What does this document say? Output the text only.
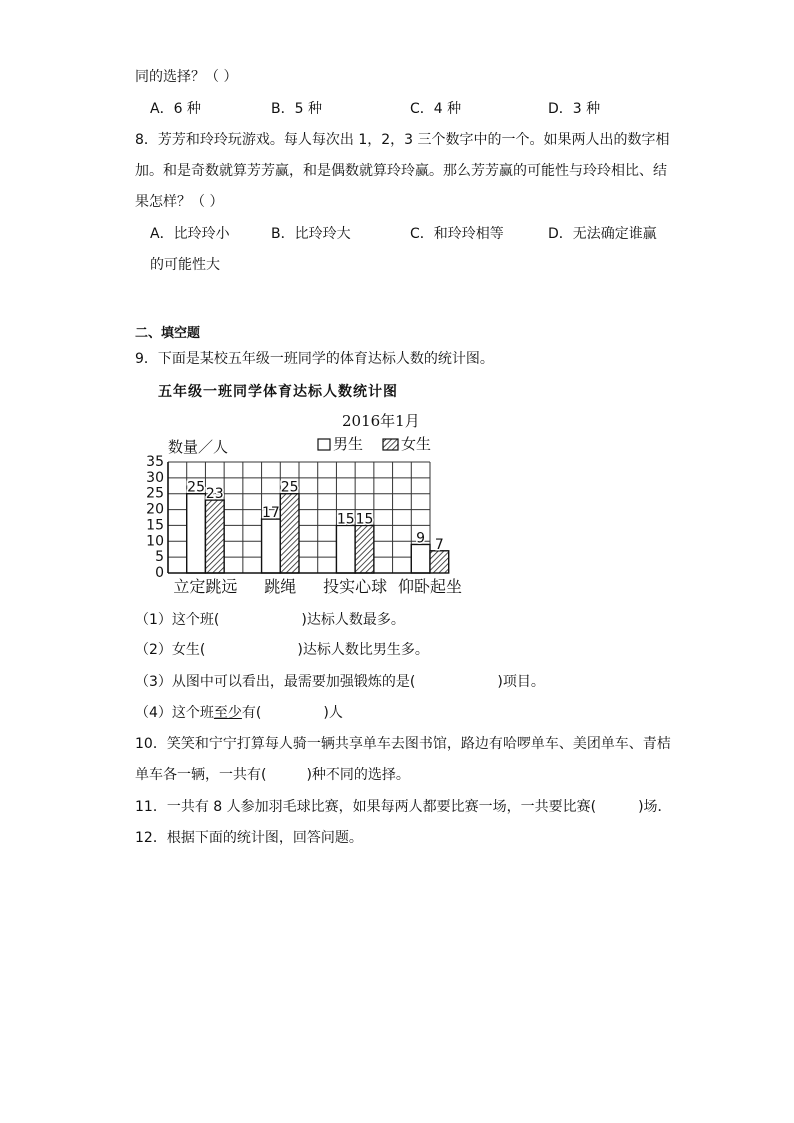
同的选择？（ ）
A．6 种	B．5 种	C．4 种	D．3 种
8．芳芳和玲玲玩游戏。每人每次出 1，2，3 三个数字中的一个。如果两人出的数字相
加。和是奇数就算芳芳赢，和是偶数就算玲玲赢。那么芳芳赢的可能性与玲玲相比、结
果怎样？（ ）
A．比玲玲小	B．比玲玲大	C．和玲玲相等	D．无法确定谁赢
的可能性大
二、填空题
9．下面是某校五年级一班同学的体育达标人数的统计图。
五年级一班同学体育达标人数统计图
2016年1月
0
5
10
15
20
25
30
35
数量／人	男生	女生
25 23
立定跳远
17
25
跳绳
15 15
投实心球
9 7
仰卧起坐
（1）这个班(	)达标人数最多。
（2）女生(	)达标人数比男生多。
（3）从图中可以看出，最需要加强锻炼的是(	)项目。
（4）这个班至少有(	)人
10．笑笑和宁宁打算每人骑一辆共享单车去图书馆，路边有哈啰单车、美团单车、青桔
单车各一辆，一共有(	)种不同的选择。
11．一共有 8 人参加羽毛球比赛，如果每两人都要比赛一场，一共要比赛(	)场．
12．根据下面的统计图，回答问题。
